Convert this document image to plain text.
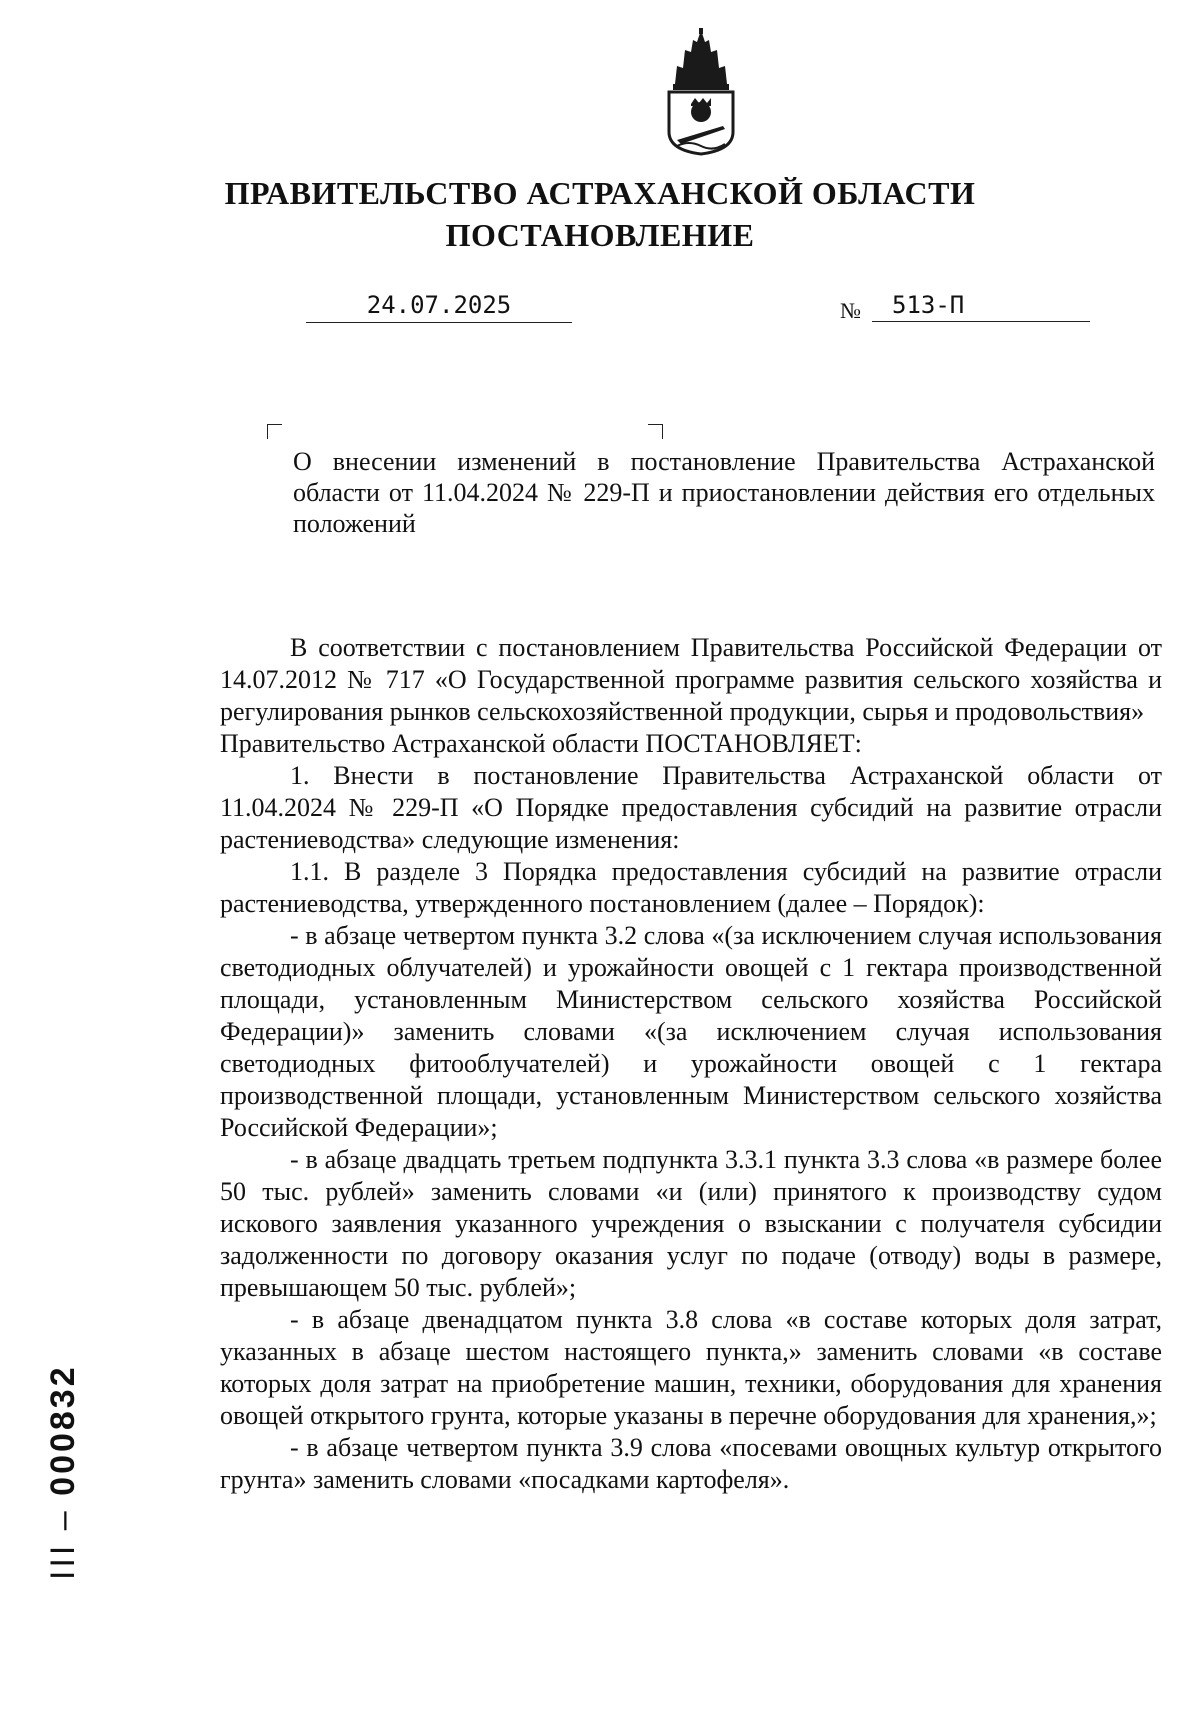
ПРАВИТЕЛЬСТВО АСТРАХАНСКОЙ ОБЛАСТИ
ПОСТАНОВЛЕНИЕ
24.07.2025	№	513-П
О внесении изменений в постановление Правительства Астраханской области от 11.04.2024 № 229-П и приостановлении действия его отдельных положений

В соответствии с постановлением Правительства Российской Федерации от 14.07.2012 № 717 «О Государственной программе развития сельского хозяйства и регулирования рынков сельскохозяйственной продукции, сырья и продовольствия»

Правительство Астраханской области ПОСТАНОВЛЯЕТ:

1. Внести в постановление Правительства Астраханской области от 11.04.2024 № 229-П «О Порядке предоставления субсидий на развитие отрасли растениеводства» следующие изменения:

1.1. В разделе 3 Порядка предоставления субсидий на развитие отрасли растениеводства, утвержденного постановлением (далее – Порядок):

- в абзаце четвертом пункта 3.2 слова «(за исключением случая использования светодиодных облучателей) и урожайности овощей с 1 гектара производственной площади, установленным Министерством сельского хозяйства Российской Федерации)» заменить словами «(за исключением случая использования светодиодных фитооблучателей) и урожайности овощей с 1 гектара производственной площади, установленным Министерством сельского хозяйства Российской Федерации»;

- в абзаце двадцать третьем подпункта 3.3.1 пункта 3.3 слова «в размере более 50 тыс. рублей» заменить словами «и (или) принятого к производству судом искового заявления указанного учреждения о взыскании с получателя субсидии задолженности по договору оказания услуг по подаче (отводу) воды в размере, превышающем 50 тыс. рублей»;

- в абзаце двенадцатом пункта 3.8 слова «в составе которых доля затрат, указанных в абзаце шестом настоящего пункта,» заменить словами «в составе которых доля затрат на приобретение машин, техники, оборудования для хранения овощей открытого грунта, которые указаны в перечне оборудования для хранения,»;

- в абзаце четвертом пункта 3.9 слова «посевами овощных культур открытого грунта» заменить словами «посадками картофеля».

ІІІ – 000832
